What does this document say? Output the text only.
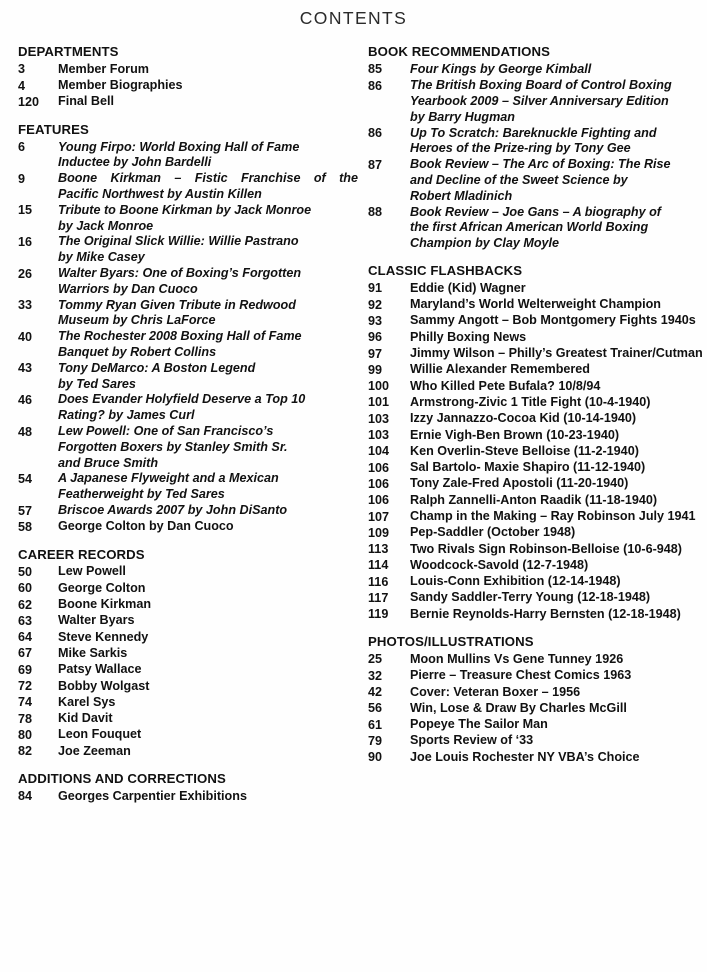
CONTENTS
DEPARTMENTS
3	Member Forum
4	Member Biographies
120	Final Bell
FEATURES
6	Young Firpo: World Boxing Hall of Fame
Inductee by John Bardelli
9	Boone Kirkman – Fistic Franchise of the
Pacific Northwest by Austin Killen
15	Tribute to Boone Kirkman by Jack Monroe
by Jack Monroe
16	The Original Slick Willie: Willie Pastrano
by Mike Casey
26	Walter Byars: One of Boxing’s Forgotten
Warriors by Dan Cuoco
33	Tommy Ryan Given Tribute in Redwood
Museum by Chris LaForce
40	The Rochester 2008 Boxing Hall of Fame
Banquet by Robert Collins
43	Tony DeMarco: A Boston Legend
by Ted Sares
46	Does Evander Holyfield Deserve a Top 10
Rating? by James Curl
48	Lew Powell: One of San Francisco’s
Forgotten Boxers by Stanley Smith Sr.
and Bruce Smith
54	A Japanese Flyweight and a Mexican
Featherweight by Ted Sares
57	Briscoe Awards 2007 by John DiSanto
58	George Colton by Dan Cuoco
CAREER RECORDS
50	Lew Powell
60	George Colton
62	Boone Kirkman
63	Walter Byars
64	Steve Kennedy
67	Mike Sarkis
69	Patsy Wallace
72	Bobby Wolgast
74	Karel Sys
78	Kid Davit
80	Leon Fouquet
82	Joe Zeeman
ADDITIONS AND CORRECTIONS
84	Georges Carpentier Exhibitions
BOOK RECOMMENDATIONS
85	Four Kings by George Kimball
86	The British Boxing Board of Control Boxing
Yearbook 2009 – Silver Anniversary Edition
by Barry Hugman
86	Up To Scratch: Bareknuckle Fighting and
Heroes of the Prize-ring by Tony Gee
87	Book Review – The Arc of Boxing: The Rise
and Decline of the Sweet Science by
Robert Mladinich
88	Book Review – Joe Gans – A biography of
the first African American World Boxing
Champion by Clay Moyle
CLASSIC FLASHBACKS
91	Eddie (Kid) Wagner
92	Maryland’s World Welterweight Champion
93	Sammy Angott – Bob Montgomery Fights 1940s
96	Philly Boxing News
97	Jimmy Wilson – Philly’s Greatest Trainer/Cutman
99	Willie Alexander Remembered
100	Who Killed Pete Bufala? 10/8/94
101	Armstrong-Zivic 1 Title Fight (10-4-1940)
103	Izzy Jannazzo-Cocoa Kid (10-14-1940)
103	Ernie Vigh-Ben Brown (10-23-1940)
104	Ken Overlin-Steve Belloise (11-2-1940)
106	Sal Bartolo- Maxie Shapiro (11-12-1940)
106	Tony Zale-Fred Apostoli (11-20-1940)
106	Ralph Zannelli-Anton Raadik (11-18-1940)
107	Champ in the Making – Ray Robinson July 1941
109	Pep-Saddler (October 1948)
113	Two Rivals Sign Robinson-Belloise (10-6-948)
114	Woodcock-Savold (12-7-1948)
116	Louis-Conn Exhibition (12-14-1948)
117	Sandy Saddler-Terry Young (12-18-1948)
119	Bernie Reynolds-Harry Bernsten (12-18-1948)
PHOTOS/ILLUSTRATIONS
25	Moon Mullins Vs Gene Tunney 1926
32	Pierre – Treasure Chest Comics 1963
42	Cover: Veteran Boxer – 1956
56	Win, Lose & Draw By Charles McGill
61	Popeye The Sailor Man
79	Sports Review of ‘33
90	Joe Louis Rochester NY VBA’s Choice
